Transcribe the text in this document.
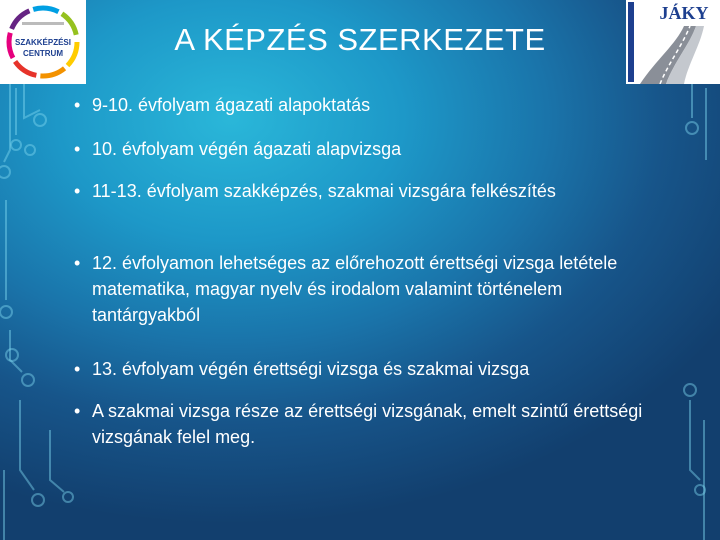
SZAKKÉPZÉSI
CENTRUM
JÁKY
A KÉPZÉS SZERKEZETE
• 9-10. évfolyam ágazati alapoktatás
• 10. évfolyam végén ágazati alapvizsga
• 11-13. évfolyam szakképzés, szakmai vizsgára felkészítés
• 12. évfolyamon lehetséges az előrehozott érettségi vizsga letétele matematika, magyar nyelv és irodalom valamint történelem tantárgyakból
• 13. évfolyam végén érettségi vizsga és szakmai vizsga
• A szakmai vizsga része az érettségi vizsgának, emelt szintű érettségi vizsgának felel meg.
